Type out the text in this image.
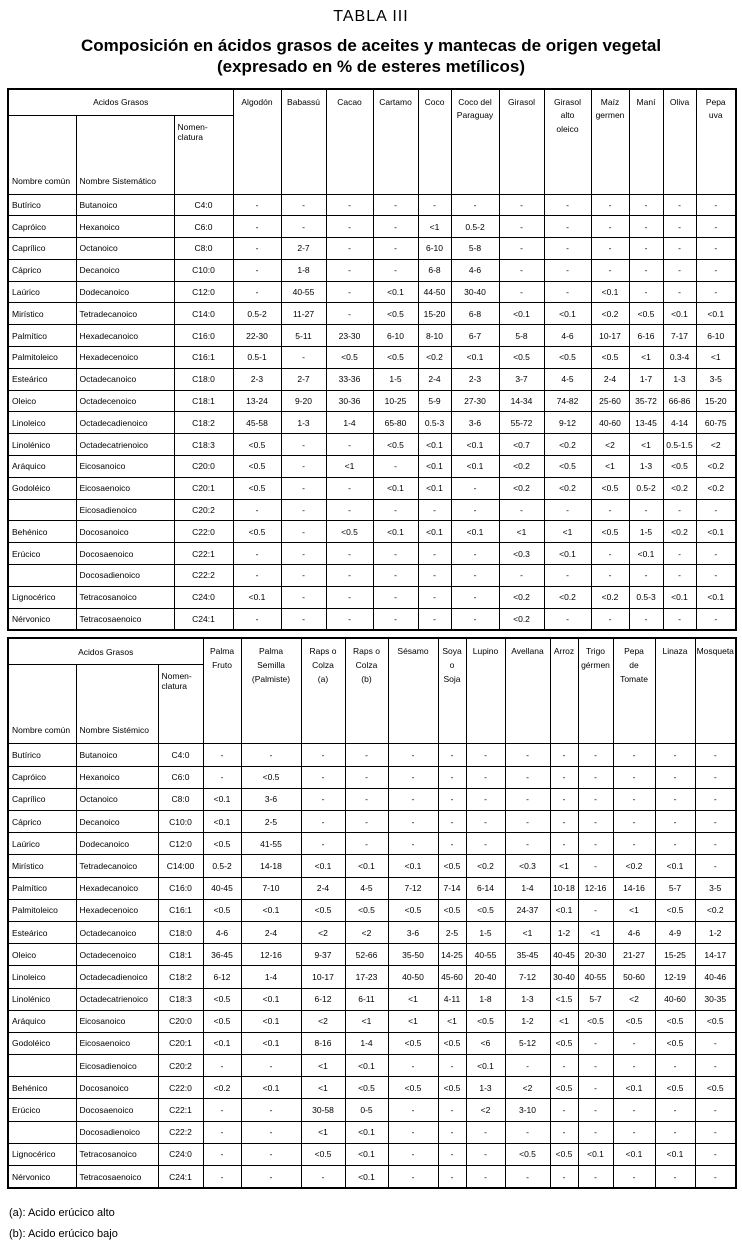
TABLA III
Composición en ácidos grasos de aceites y mantecas de origen vegetal
(expresado en % de esteres metílicos)
Acidos Grasos			Algodón	Babassú	Cacao	Cartamo	Coco	Coco del
Paraguay	Girasol	Girasol
alto
oleico	Maíz
germen	Maní	Oliva	Pepa
uva
Nombre común	Nombre Sistemático	Nomen-
clatura												
Butírico	Butanoico	C4:0	-	-	-	-	-	-	-	-	-	-	-	-
Capróico	Hexanoico	C6:0	-	-	-	-	<1	0.5-2	-	-	-	-	-	-
Caprílico	Octanoico	C8:0	-	2-7	-	-	6-10	5-8	-	-	-	-	-	-
Cáprico	Decanoico	C10:0	-	1-8	-	-	6-8	4-6	-	-	-	-	-	-
Laúrico	Dodecanoico	C12:0	-	40-55	-	<0.1	44-50	30-40	-	-	<0.1	-	-	-
Mirístico	Tetradecanoico	C14:0	0.5-2	11-27	-	<0.5	15-20	6-8	<0.1	<0.1	<0.2	<0.5	<0.1	<0.1
Palmítico	Hexadecanoico	C16:0	22-30	5-11	23-30	6-10	8-10	6-7	5-8	4-6	10-17	6-16	7-17	6-10
Palmitoleico	Hexadecenoico	C16:1	0.5-1	-	<0.5	<0.5	<0.2	<0.1	<0.5	<0.5	<0.5	<1	0.3-4	<1
Esteárico	Octadecanoico	C18:0	2-3	2-7	33-36	1-5	2-4	2-3	3-7	4-5	2-4	1-7	1-3	3-5
Oleico	Octadecenoico	C18:1	13-24	9-20	30-36	10-25	5-9	27-30	14-34	74-82	25-60	35-72	66-86	15-20
Linoleico	Octadecadienoico	C18:2	45-58	1-3	1-4	65-80	0.5-3	3-6	55-72	9-12	40-60	13-45	4-14	60-75
Linolénico	Octadecatrienoico	C18:3	<0.5	-	-	<0.5	<0.1	<0.1	<0.7	<0.2	<2	<1	0.5-1.5	<2
Aráquico	Eicosanoico	C20:0	<0.5	-	<1	-	<0.1	<0.1	<0.2	<0.5	<1	1-3	<0.5	<0.2
Godoléico	Eicosaenoico	C20:1	<0.5	-	-	<0.1	<0.1	-	<0.2	<0.2	<0.5	0.5-2	<0.2	<0.2
	Eicosadienoico	C20:2	-	-	-	-	-	-	-	-	-	-	-	-
Behénico	Docosanoico	C22:0	<0.5	-	<0.5	<0.1	<0.1	<0.1	<1	<1	<0.5	1-5	<0.2	<0.1
Erúcico	Docosaenoico	C22:1	-	-	-	-	-	-	<0.3	<0.1	-	<0.1	-	-
	Docosadienoico	C22:2	-	-	-	-	-	-	-	-	-	-	-	-
Lignocérico	Tetracosanoico	C24:0	<0.1	-	-	-	-	-	<0.2	<0.2	<0.2	0.5-3	<0.1	<0.1
Nérvonico	Tetracosaenoico	C24:1	-	-	-	-	-	-	<0.2	-	-	-	-	-
Acidos Grasos			Palma
Fruto	Palma
Semilla
(Palmiste)	Raps o
Colza
(a)	Raps o
Colza
(b)	Sésamo	Soya
o
Soja	Lupino	Avellana	Arroz	Trigo
gérmen	Pepa
de
Tomate	Linaza	Mosqueta
Nombre común	Nombre Sistémico	Nomen-
clatura													
Butírico	Butanoico	C4:0	-	-	-	-	-	-	-	-	-	-	-	-	-
Capróico	Hexanoico	C6:0	-	<0.5	-	-	-	-	-	-	-	-	-	-	-
Caprílico	Octanoico	C8:0	<0.1	3-6	-	-	-	-	-	-	-	-	-	-	-
Cáprico	Decanoico	C10:0	<0.1	2-5	-	-	-	-	-	-	-	-	-	-	-
Laúrico	Dodecanoico	C12:0	<0.5	41-55	-	-	-	-	-	-	-	-	-	-	-
Mirístico	Tetradecanoico	C14:00	0.5-2	14-18	<0.1	<0.1	<0.1	<0.5	<0.2	<0.3	<1	-	<0.2	<0.1	-
Palmítico	Hexadecanoico	C16:0	40-45	7-10	2-4	4-5	7-12	7-14	6-14	1-4	10-18	12-16	14-16	5-7	3-5
Palmitoleico	Hexadecenoico	C16:1	<0.5	<0.1	<0.5	<0.5	<0.5	<0.5	<0.5	24-37	<0.1	-	<1	<0.5	<0.2
Esteárico	Octadecanoico	C18:0	4-6	2-4	<2	<2	3-6	2-5	1-5	<1	1-2	<1	4-6	4-9	1-2
Oleico	Octadecenoico	C18:1	36-45	12-16	9-37	52-66	35-50	14-25	40-55	35-45	40-45	20-30	21-27	15-25	14-17
Linoleico	Octadecadienoico	C18:2	6-12	1-4	10-17	17-23	40-50	45-60	20-40	7-12	30-40	40-55	50-60	12-19	40-46
Linolénico	Octadecatrienoico	C18:3	<0.5	<0.1	6-12	6-11	<1	4-11	1-8	1-3	<1.5	5-7	<2	40-60	30-35
Aráquico	Eicosanoico	C20:0	<0.5	<0.1	<2	<1	<1	<1	<0.5	1-2	<1	<0.5	<0.5	<0.5	<0.5
Godoléico	Eicosaenoico	C20:1	<0.1	<0.1	8-16	1-4	<0.5	<0.5	<6	5-12	<0.5	-	-	<0.5	-
	Eicosadienoico	C20:2	-	-	<1	<0.1	-	-	<0.1	-	-	-	-	-	-
Behénico	Docosanoico	C22:0	<0.2	<0.1	<1	<0.5	<0.5	<0.5	1-3	<2	<0.5	-	<0.1	<0.5	<0.5
Erúcico	Docosaenoico	C22:1	-	-	30-58	0-5	-	-	<2	3-10	-	-	-	-	-
	Docosadienoico	C22:2	-	-	<1	<0.1	-	-	-	-	-	-	-	-	-
Lignocérico	Tetracosanoico	C24:0	-	-	<0.5	<0.1	-	-	-	<0.5	<0.5	<0.1	<0.1	<0.1	-
Nérvonico	Tetracosaenoico	C24:1	-	-	-	<0.1	-	-	-	-	-	-	-	-	-
(a): Acido erúcico alto
(b): Acido erúcico bajo
